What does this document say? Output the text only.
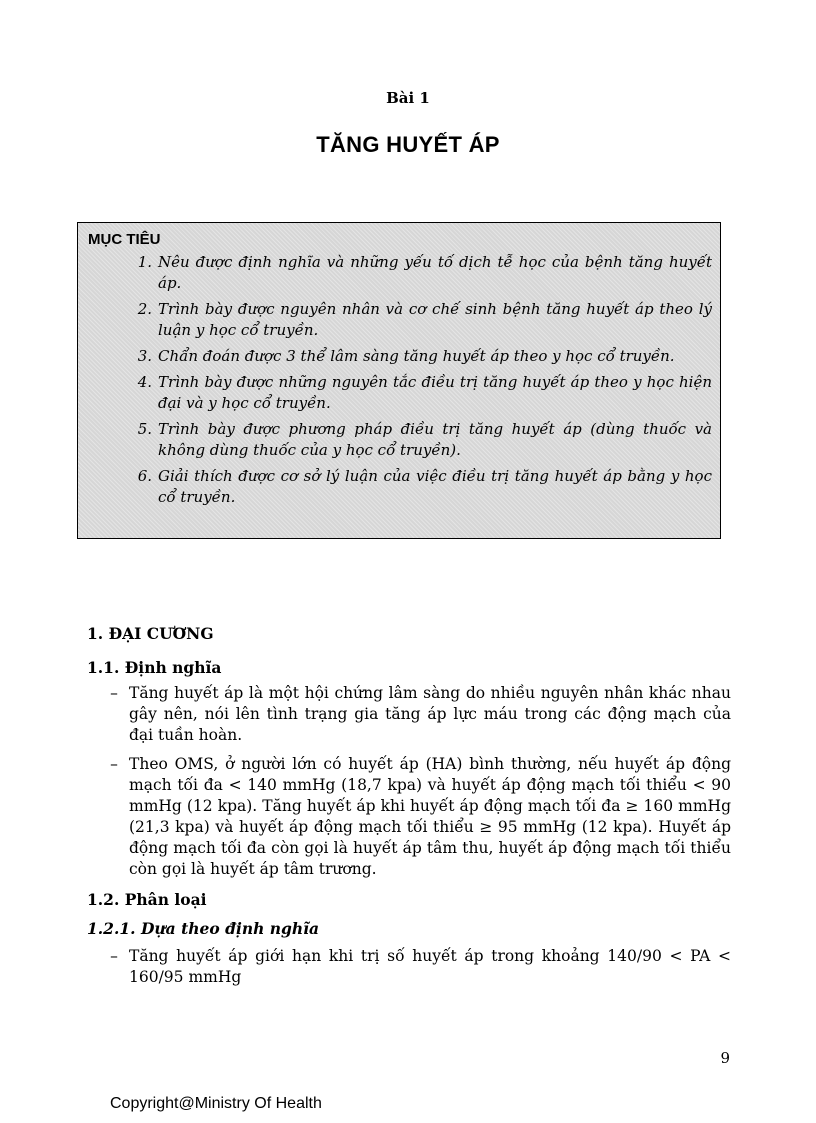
Bài 1
TĂNG HUYẾT ÁP
MỤC TIÊU
1. Nêu được định nghĩa và những yếu tố dịch tễ học của bệnh tăng huyết áp.
2. Trình bày được nguyên nhân và cơ chế sinh bệnh tăng huyết áp theo lý luận y học cổ truyền.
3. Chẩn đoán được 3 thể lâm sàng tăng huyết áp theo y học cổ truyền.
4. Trình bày được những nguyên tắc điều trị tăng huyết áp theo y học hiện đại và y học cổ truyền.
5. Trình bày được phương pháp điều trị tăng huyết áp (dùng thuốc và không dùng thuốc của y học cổ truyền).
6. Giải thích được cơ sở lý luận của việc điều trị tăng huyết áp bằng y học cổ truyền.
1. ĐẠI CƯƠNG
1.1. Định nghĩa
– Tăng huyết áp là một hội chứng lâm sàng do nhiều nguyên nhân khác nhau gây nên, nói lên tình trạng gia tăng áp lực máu trong các động mạch của đại tuần hoàn.
– Theo OMS, ở người lớn có huyết áp (HA) bình thường, nếu huyết áp động mạch tối đa < 140 mmHg (18,7 kpa) và huyết áp động mạch tối thiểu < 90 mmHg (12 kpa). Tăng huyết áp khi huyết áp động mạch tối đa ≥ 160 mmHg (21,3 kpa) và huyết áp động mạch tối thiểu ≥ 95 mmHg (12 kpa). Huyết áp động mạch tối đa còn gọi là huyết áp tâm thu, huyết áp động mạch tối thiểu còn gọi là huyết áp tâm trương.
1.2. Phân loại
1.2.1. Dựa theo định nghĩa
– Tăng huyết áp giới hạn khi trị số huyết áp trong khoảng 140/90 < PA < 160/95 mmHg
9
Copyright@Ministry Of Health
